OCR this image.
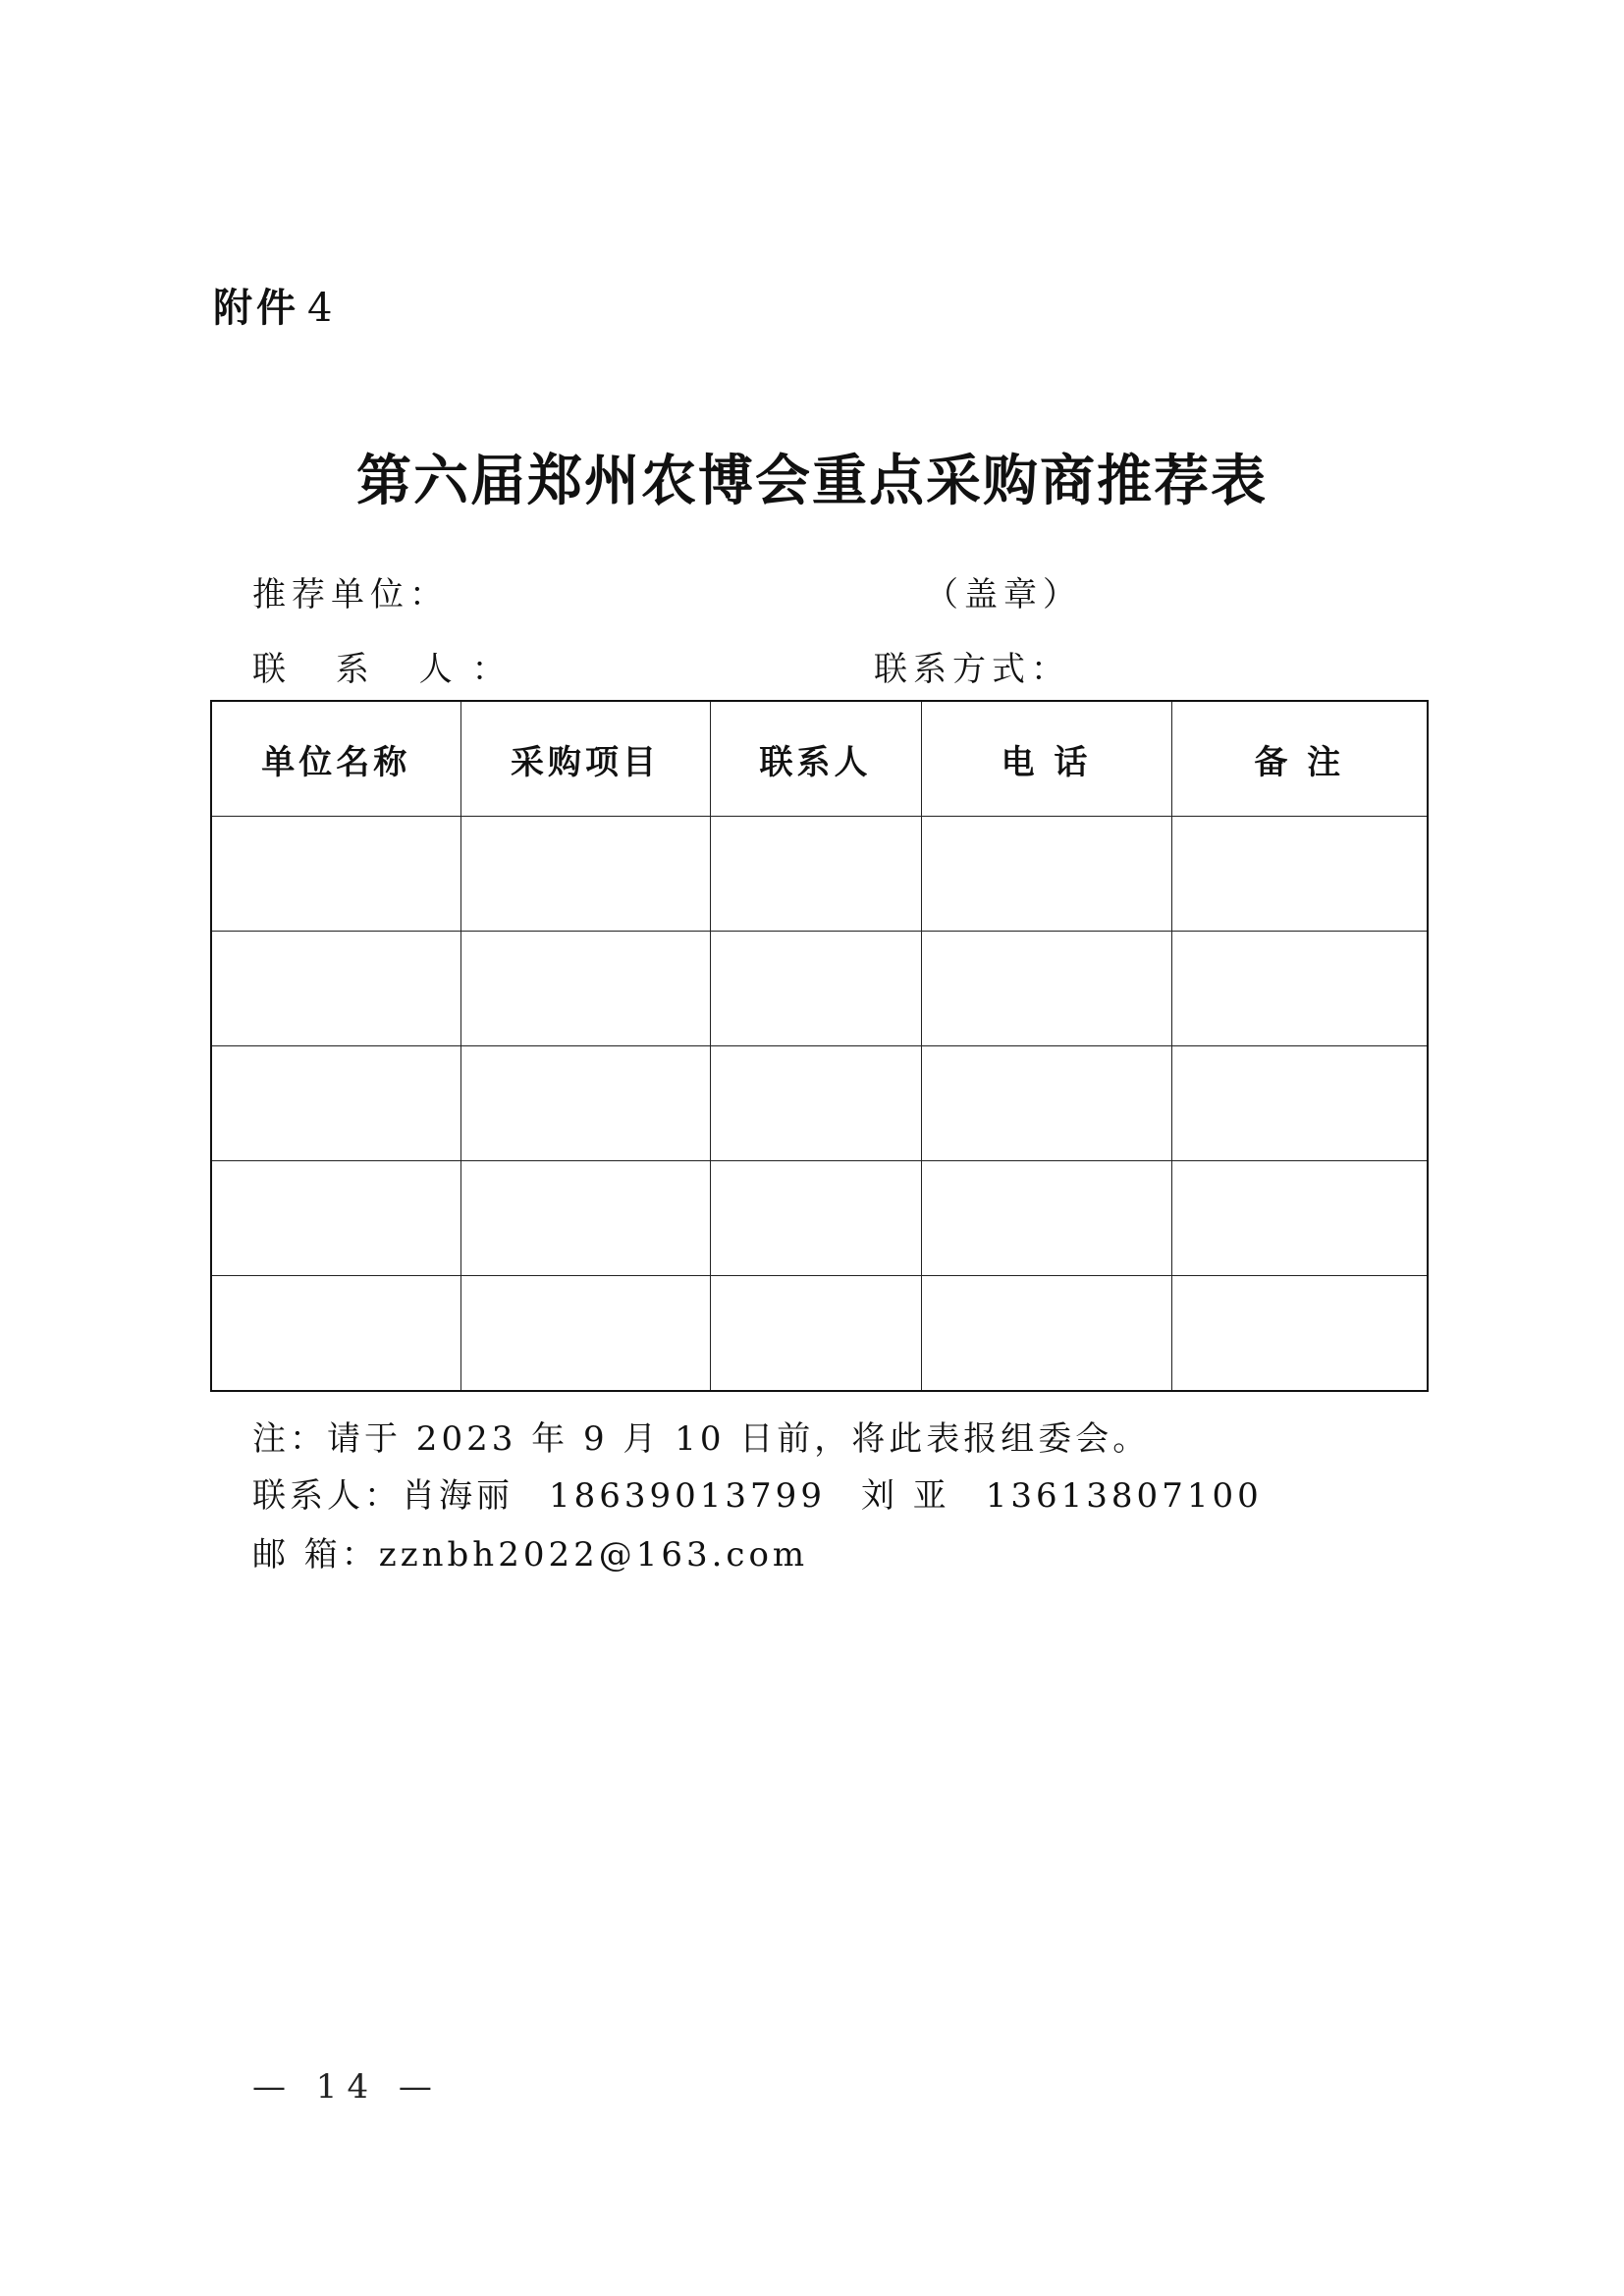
附件 4
第六届郑州农博会重点采购商推荐表
推荐单位：	（盖章）
联 系 人：	联系方式：
单位名称	采购项目	联系人	电 话	备 注

注：请于 2023 年 9 月 10 日前，将此表报组委会。
联系人：肖海丽 18639013799 刘 亚 13613807100
邮 箱：zznbh2022@163.com
— 14 —
